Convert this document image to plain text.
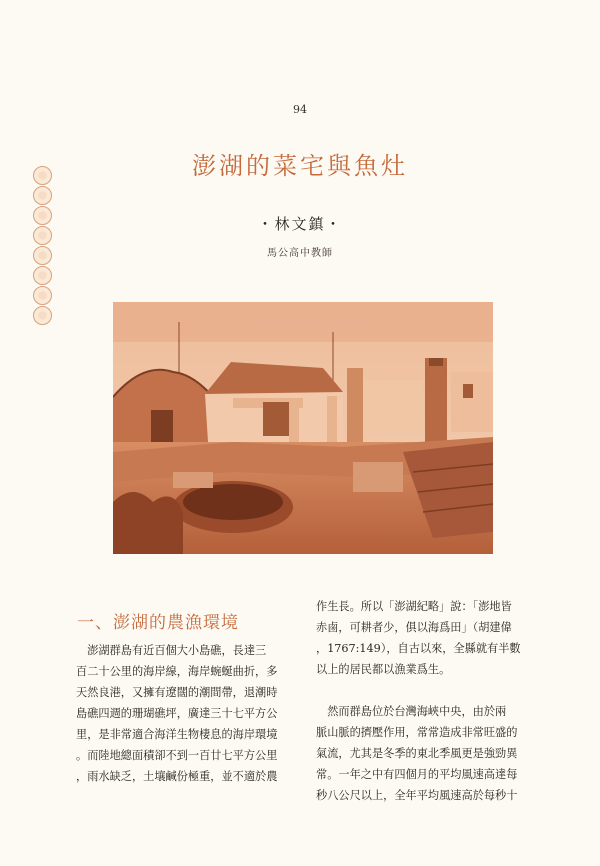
94
澎湖的菜宅與魚灶
・林文鎮・
馬公高中教師
一、澎湖的農漁環境

　澎湖群島有近百個大小島礁，長達三

百二十公里的海岸線，海岸蜿蜒曲折，多

天然良港，又擁有遼闊的潮間帶，退潮時

島礁四週的珊瑚礁坪，廣達三十七平方公

里，是非常適合海洋生物棲息的海岸環境

。而陸地總面積卻不到一百廿七平方公里

，雨水缺乏，土壤鹹份極重，並不適於農

作生長。所以「澎湖紀略」說：「澎地皆

赤鹵，可耕者少，俱以海爲田」（胡建偉

，1767:149），自古以來，全縣就有半數

以上的居民都以漁業爲生。

　然而群島位於台灣海峽中央，由於兩

脈山脈的擠壓作用，常常造成非常旺盛的

氣流，尤其是冬季的東北季風更是強勁異

常。一年之中有四個月的平均風速高達每

秒八公尺以上，全年平均風速高於每秒十
